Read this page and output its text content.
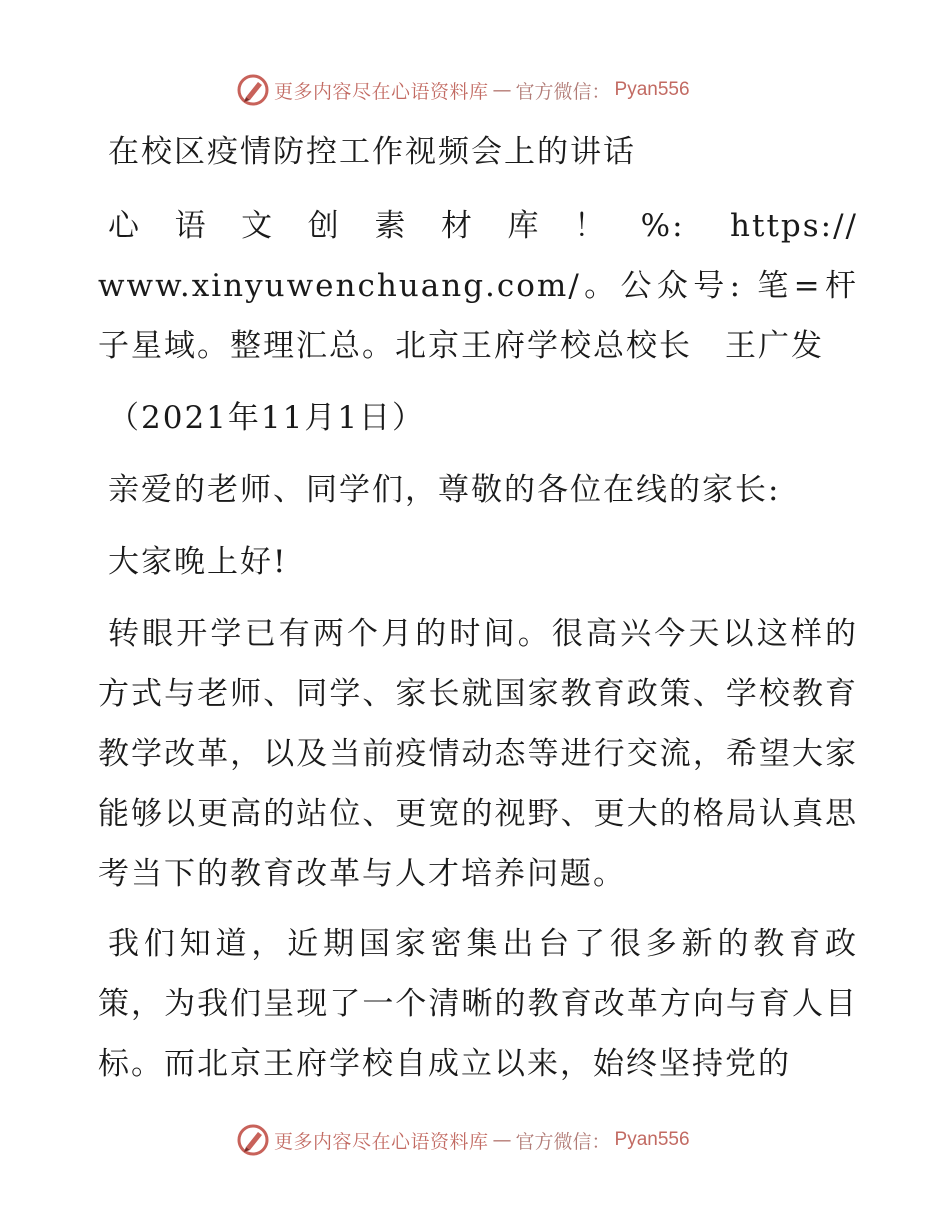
更多内容尽在心语资料库 — 官方微信： Pyan556

在校区疫情防控工作视频会上的讲话

心语文创素材库！%: https:// www.xinyuwenchuang.com/。公众号: 笔=杆子星域。整理汇总。北京王府学校总校长　王广发

（2021年11月1日）

亲爱的老师、同学们，尊敬的各位在线的家长:

大家晚上好!

转眼开学已有两个月的时间。很高兴今天以这样的方式与老师、同学、家长就国家教育政策、学校教育教学改革，以及当前疫情动态等进行交流，希望大家能够以更高的站位、更宽的视野、更大的格局认真思考当下的教育改革与人才培养问题。

我们知道，近期国家密集出台了很多新的教育政策，为我们呈现了一个清晰的教育改革方向与育人目标。而北京王府学校自成立以来，始终坚持党的

更多内容尽在心语资料库 — 官方微信： Pyan556
